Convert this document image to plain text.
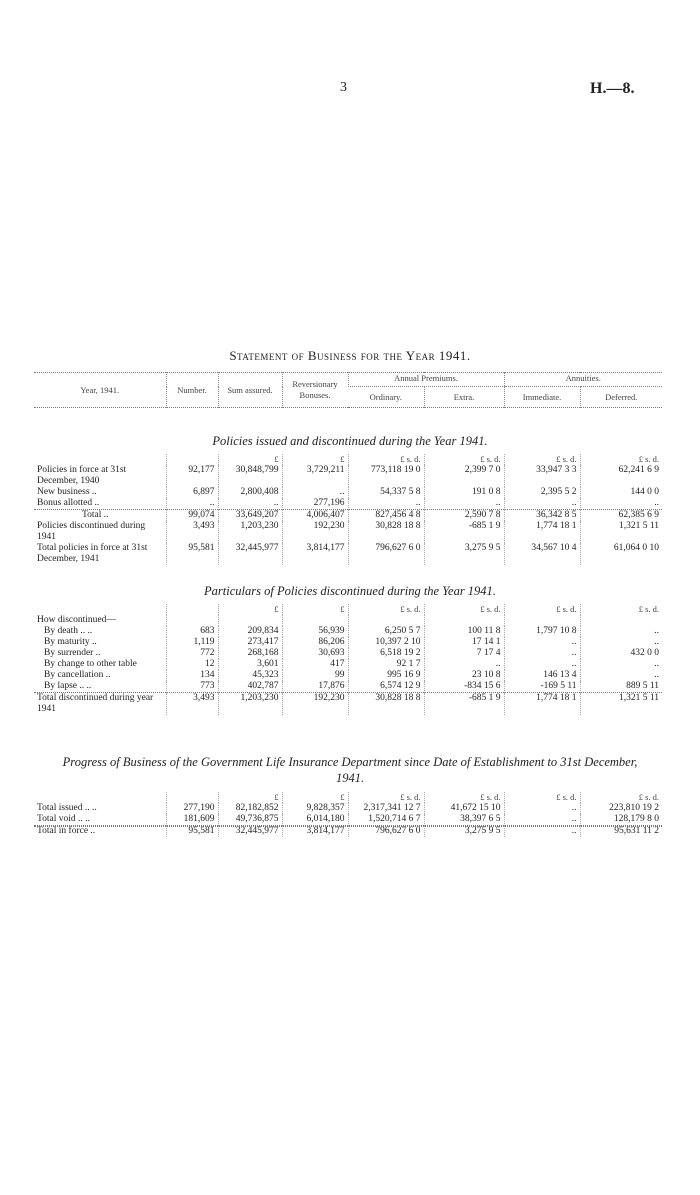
3	H.—8.
Statement of Business for the Year 1941.
Year, 1941.	Number.	Sum assured.	Reversionary Bonuses.	Annual Premiums.		Annuities.	
				Ordinary.	Extra.	Immediate.	Deferred.
Policies issued and discontinued during the Year 1941.
		£	£	£ s. d.	£ s. d.	£ s. d.	£ s. d.
Policies in force at 31st December, 1940	92,177	30,848,799	3,729,211	773,118 19 0	2,399 7 0	33,947 3 3	62,241 6 9
New business ..	6,897	2,800,408	..	54,337 5 8	191 0 8	2,395 5 2	144 0 0
Bonus allotted ..	..	..	277,196	..	..	..	..
Total ..	99,074	33,649,207	4,006,407	827,456 4 8	2,590 7 8	36,342 8 5	62,385 6 9
Policies discontinued during 1941	3,493	1,203,230	192,230	30,828 18 8	-685 1 9	1,774 18 1	1,321 5 11
Total policies in force at 31st December, 1941	95,581	32,445,977	3,814,177	796,627 6 0	3,275 9 5	34,567 10 4	61,064 0 10
Particulars of Policies discontinued during the Year 1941.
		£	£	£ s. d.	£ s. d.	£ s. d.	£ s. d.
How discontinued—							
By death .. ..	683	209,834	56,939	6,250 5 7	100 11 8	1,797 10 8	..
By maturity ..	1,119	273,417	86,206	10,397 2 10	17 14 1	..	..
By surrender ..	772	268,168	30,693	6,518 19 2	7 17 4	..	432 0 0
By change to other table	12	3,601	417	92 1 7	..	..	..
By cancellation ..	134	45,323	99	995 16 9	23 10 8	146 13 4	..
By lapse .. ..	773	402,787	17,876	6,574 12 9	-834 15 6	-169 5 11	889 5 11
Total discontinued during year 1941	3,493	1,203,230	192,230	30,828 18 8	-685 1 9	1,774 18 1	1,321 5 11
Progress of Business of the Government Life Insurance Department since Date of Establishment to 31st December, 1941.
		£	£	£ s. d.	£ s. d.	£ s. d.	£ s. d.
Total issued .. ..	277,190	82,182,852	9,828,357	2,317,341 12 7	41,672 15 10	..	223,810 19 2
Total void .. ..	181,609	49,736,875	6,014,180	1,520,714 6 7	38,397 6 5	..	128,179 8 0
Total in force ..	95,581	32,445,977	3,814,177	796,627 6 0	3,275 9 5	..	95,631 11 2
